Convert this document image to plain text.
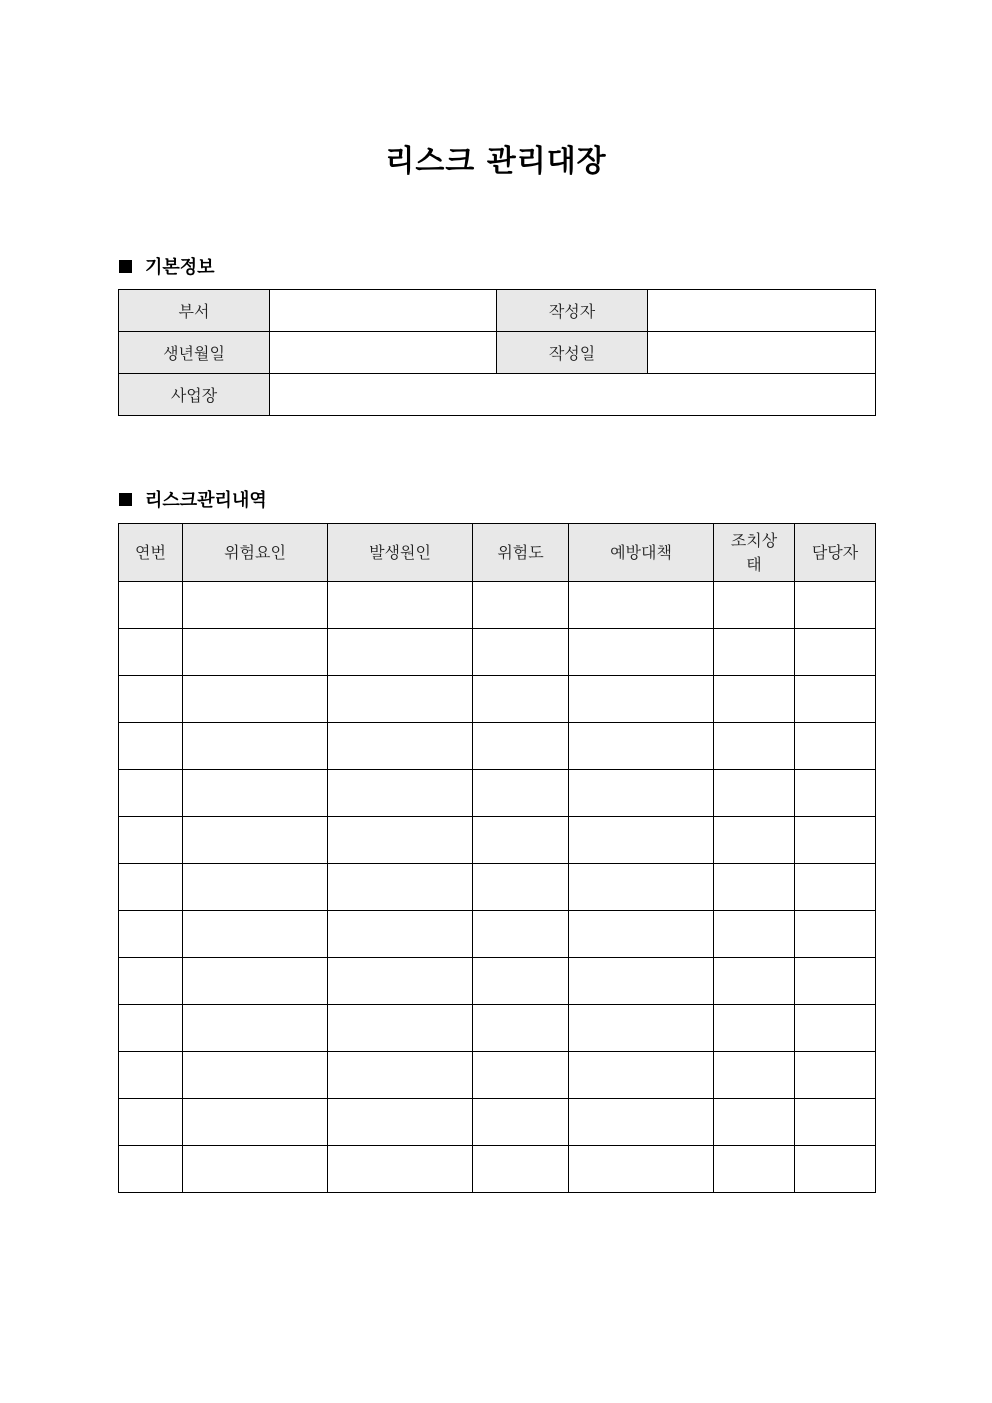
리스크 관리대장
기본정보
부서		작성자	
생년월일		작성일	
사업장			
리스크관리내역
연번	위험요인	발생원인	위험도	예방대책	조치상태	담당자
